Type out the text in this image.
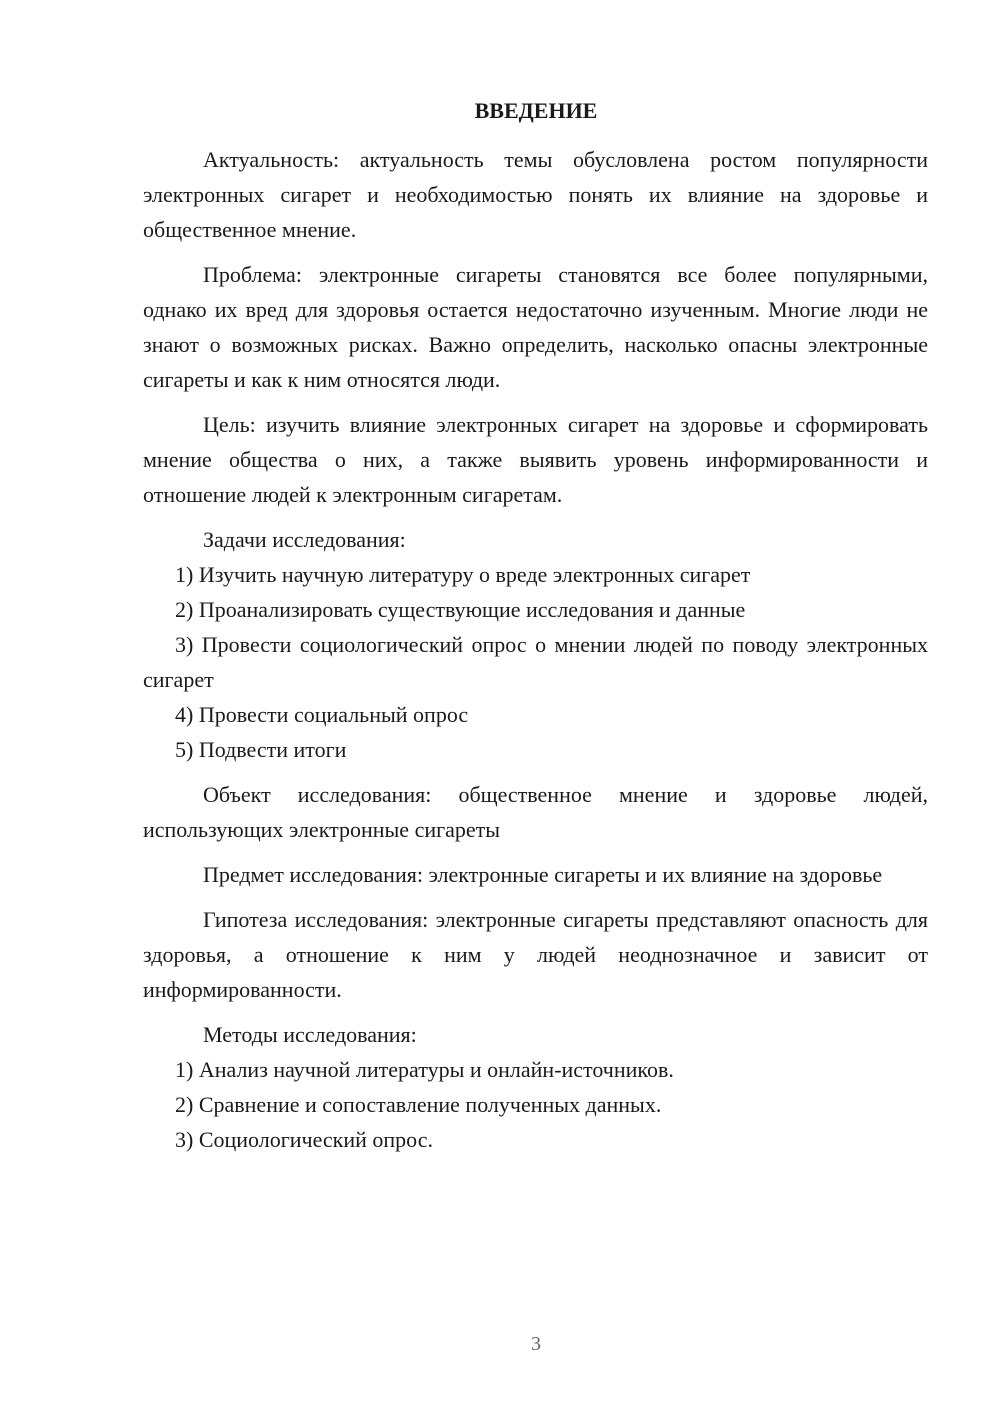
ВВЕДЕНИЕ

Актуальность: актуальность темы обусловлена ростом популярности электронных сигарет и необходимостью понять их влияние на здоровье и общественное мнение.

Проблема: электронные сигареты становятся все более популярными, однако их вред для здоровья остается недостаточно изученным. Многие люди не знают о возможных рисках. Важно определить, насколько опасны электронные сигареты и как к ним относятся люди.

Цель: изучить влияние электронных сигарет на здоровье и сформировать мнение общества о них, а также выявить уровень информированности и отношение людей к электронным сигаретам.

Задачи исследования:

1) Изучить научную литературу о вреде электронных сигарет

2) Проанализировать существующие исследования и данные

3) Провести социологический опрос о мнении людей по поводу электронных сигарет

4) Провести социальный опрос

5) Подвести итоги

Объект исследования: общественное мнение и здоровье людей, использующих электронные сигареты

Предмет исследования: электронные сигареты и их влияние на здоровье

Гипотеза исследования: электронные сигареты представляют опасность для здоровья, а отношение к ним у людей неоднозначное и зависит от информированности.

Методы исследования:

1) Анализ научной литературы и онлайн-источников.

2) Сравнение и сопоставление полученных данных.

3) Социологический опрос.

3
